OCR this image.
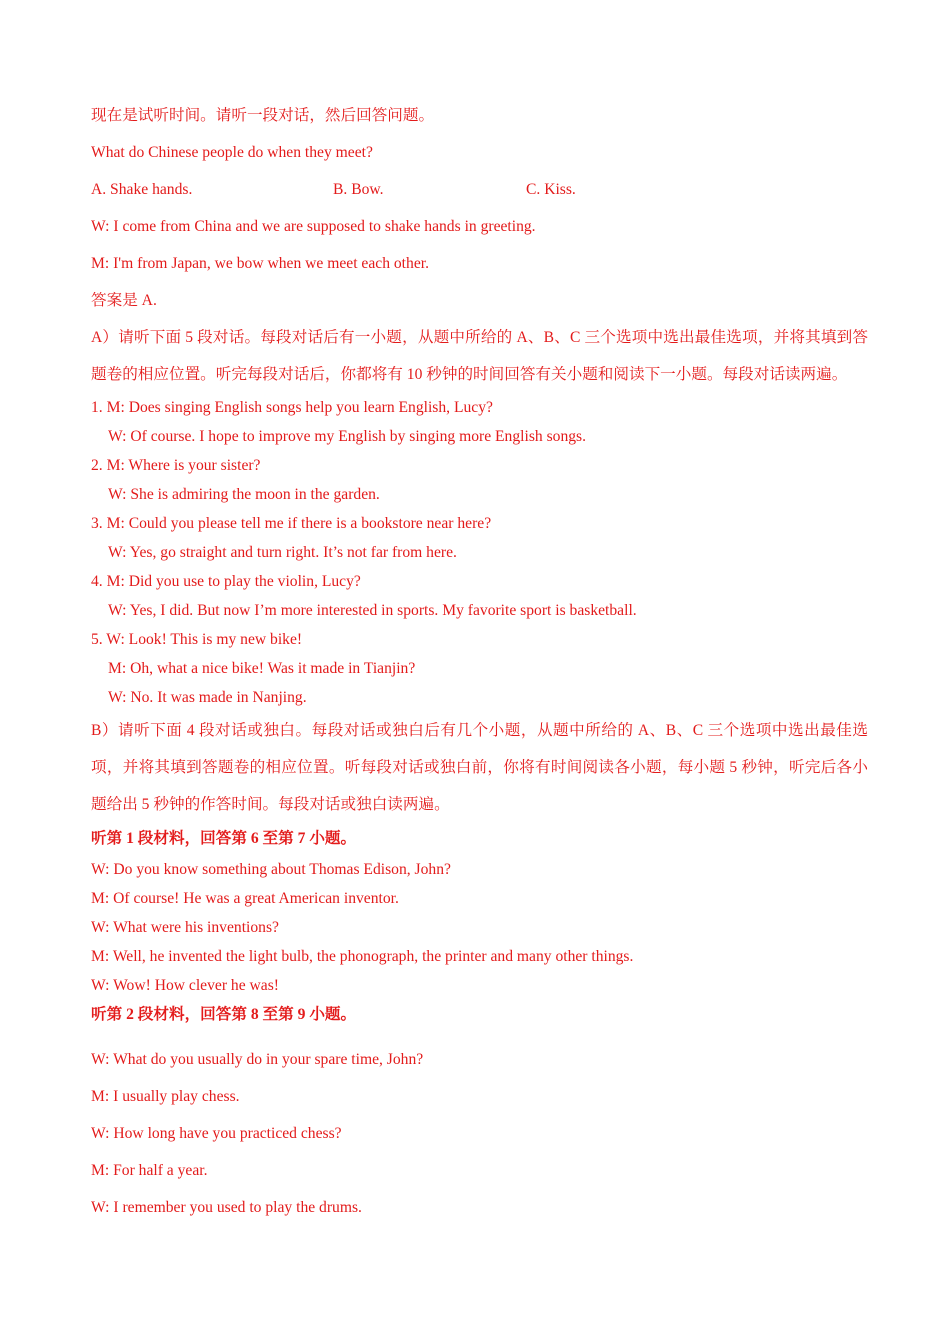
现在是试听时间。请听一段对话，然后回答问题。

What do Chinese people do when they meet?

A. Shake hands.	B. Bow.	C. Kiss.

W: I come from China and we are supposed to shake hands in greeting.

M: I'm from Japan, we bow when we meet each other.

答案是 A.

A）请听下面 5 段对话。每段对话后有一小题，从题中所给的 A、B、C 三个选项中选出最佳选项，并将其填到答题卷的相应位置。听完每段对话后，你都将有 10 秒钟的时间回答有关小题和阅读下一小题。每段对话读两遍。

1. M: Does singing English songs help you learn English, Lucy?

W: Of course. I hope to improve my English by singing more English songs.

2. M: Where is your sister?

W: She is admiring the moon in the garden.

3. M: Could you please tell me if there is a bookstore near here?

W: Yes, go straight and turn right. It’s not far from here.

4. M: Did you use to play the violin, Lucy?

W: Yes, I did. But now I’m more interested in sports. My favorite sport is basketball.

5. W: Look! This is my new bike!

M: Oh, what a nice bike! Was it made in Tianjin?

W: No. It was made in Nanjing.

B）请听下面 4 段对话或独白。每段对话或独白后有几个小题，从题中所给的 A、B、C 三个选项中选出最佳选项，并将其填到答题卷的相应位置。听每段对话或独白前，你将有时间阅读各小题，每小题 5 秒钟，听完后各小题给出 5 秒钟的作答时间。每段对话或独白读两遍。

听第 1 段材料，回答第 6 至第 7 小题。

W: Do you know something about Thomas Edison, John?

M: Of course! He was a great American inventor.

W: What were his inventions?

M: Well, he invented the light bulb, the phonograph, the printer and many other things.

W: Wow! How clever he was!

听第 2 段材料，回答第 8 至第 9 小题。

W: What do you usually do in your spare time, John?

M: I usually play chess.

W: How long have you practiced chess?

M: For half a year.

W: I remember you used to play the drums.
